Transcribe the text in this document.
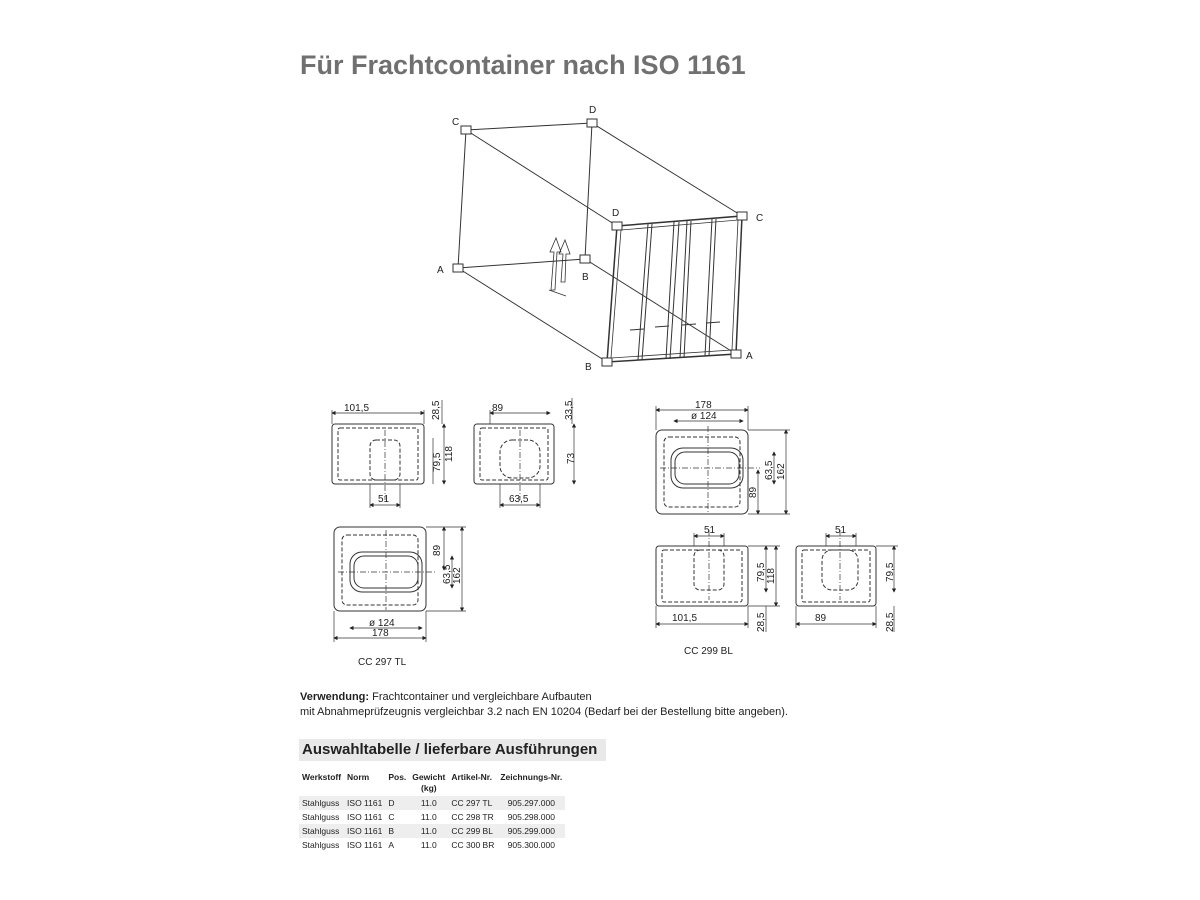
Für Frachtcontainer nach ISO 1161
C
D
D	C
A
B
B
A
101,5	28,5
79,5 118
51
89	33,5
73
63,5
89
63,5 162
ø 124
178
CC 297 TL
178
ø 124
63,5 162
89
51
79,5 118
101,5	28,5
51
79,5
89	28,5
CC 299 BL
Verwendung: Frachtcontainer und vergleichbare Aufbauten
mit Abnahmeprüfzeugnis vergleichbar 3.2 nach EN 10204 (Bedarf bei der Bestellung bitte angeben).
Auswahltabelle / lieferbare Ausführungen
Werkstoff	Norm	Pos.	Gewicht
(kg)	Artikel-Nr.	Zeichnungs-Nr.
Stahlguss	ISO 1161	D	11.0	CC 297 TL	905.297.000
Stahlguss	ISO 1161	C	11.0	CC 298 TR	905.298.000
Stahlguss	ISO 1161	B	11.0	CC 299 BL	905.299.000
Stahlguss	ISO 1161	A	11.0	CC 300 BR	905.300.000
